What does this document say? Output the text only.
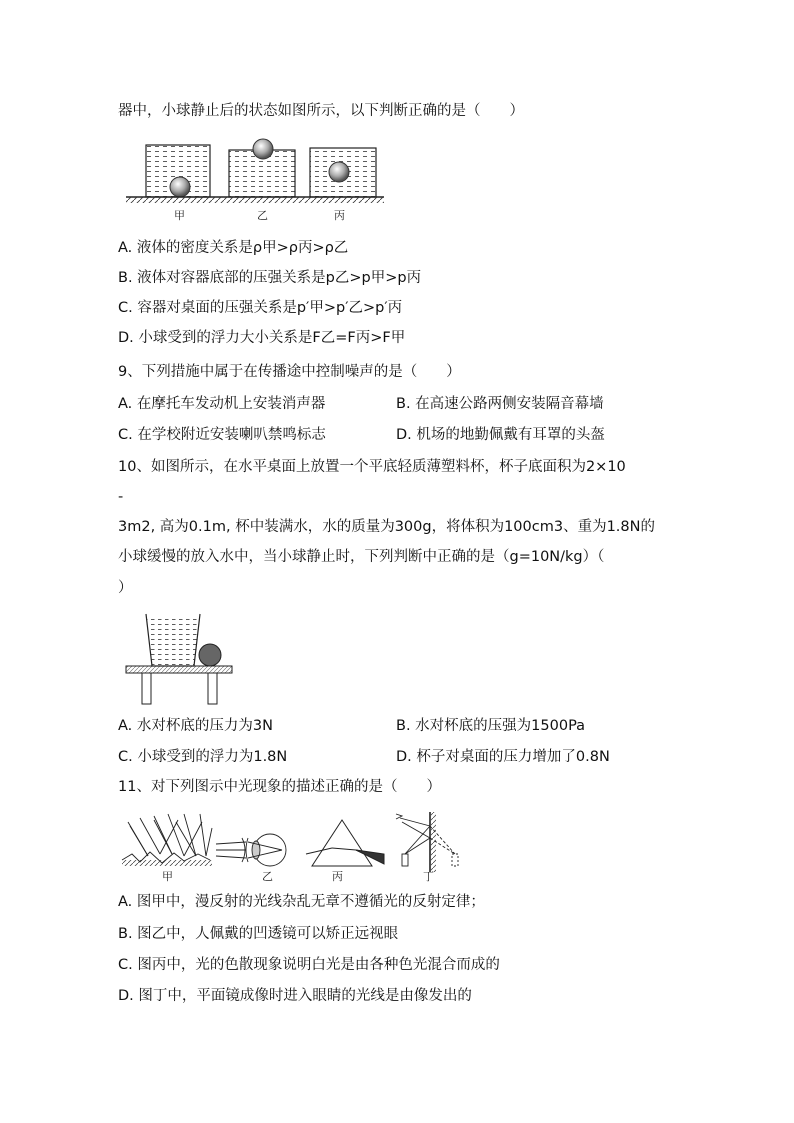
器中，小球静止后的状态如图所示，以下判断正确的是（　　）
甲	乙	丙
A. 液体的密度关系是ρ甲>ρ丙>ρ乙
B. 液体对容器底部的压强关系是p乙>p甲>p丙
C. 容器对桌面的压强关系是p′甲>p′乙>p′丙
D. 小球受到的浮力大小关系是F乙=F丙>F甲
9、下列措施中属于在传播途中控制噪声的是（　　）
A. 在摩托车发动机上安装消声器	B. 在高速公路两侧安装隔音幕墙
C. 在学校附近安装喇叭禁鸣标志	D. 机场的地勤佩戴有耳罩的头盔
10、如图所示，在水平桌面上放置一个平底轻质薄塑料杯，杯子底面积为2×10
-
3m2, 高为0.1m, 杯中装满水，水的质量为300g，将体积为100cm3、重为1.8N的
小球缓慢的放入水中，当小球静止时，下列判断中正确的是（g=10N/kg）（
）
A. 水对杯底的压力为3N	B. 水对杯底的压强为1500Pa
C. 小球受到的浮力为1.8N	D. 杯子对桌面的压力增加了0.8N
11、对下列图示中光现象的描述正确的是（　　）
甲	乙	丙	丁
A. 图甲中，漫反射的光线杂乱无章不遵循光的反射定律；
B. 图乙中，人佩戴的凹透镜可以矫正远视眼
C. 图丙中，光的色散现象说明白光是由各种色光混合而成的
D. 图丁中，平面镜成像时进入眼睛的光线是由像发出的
